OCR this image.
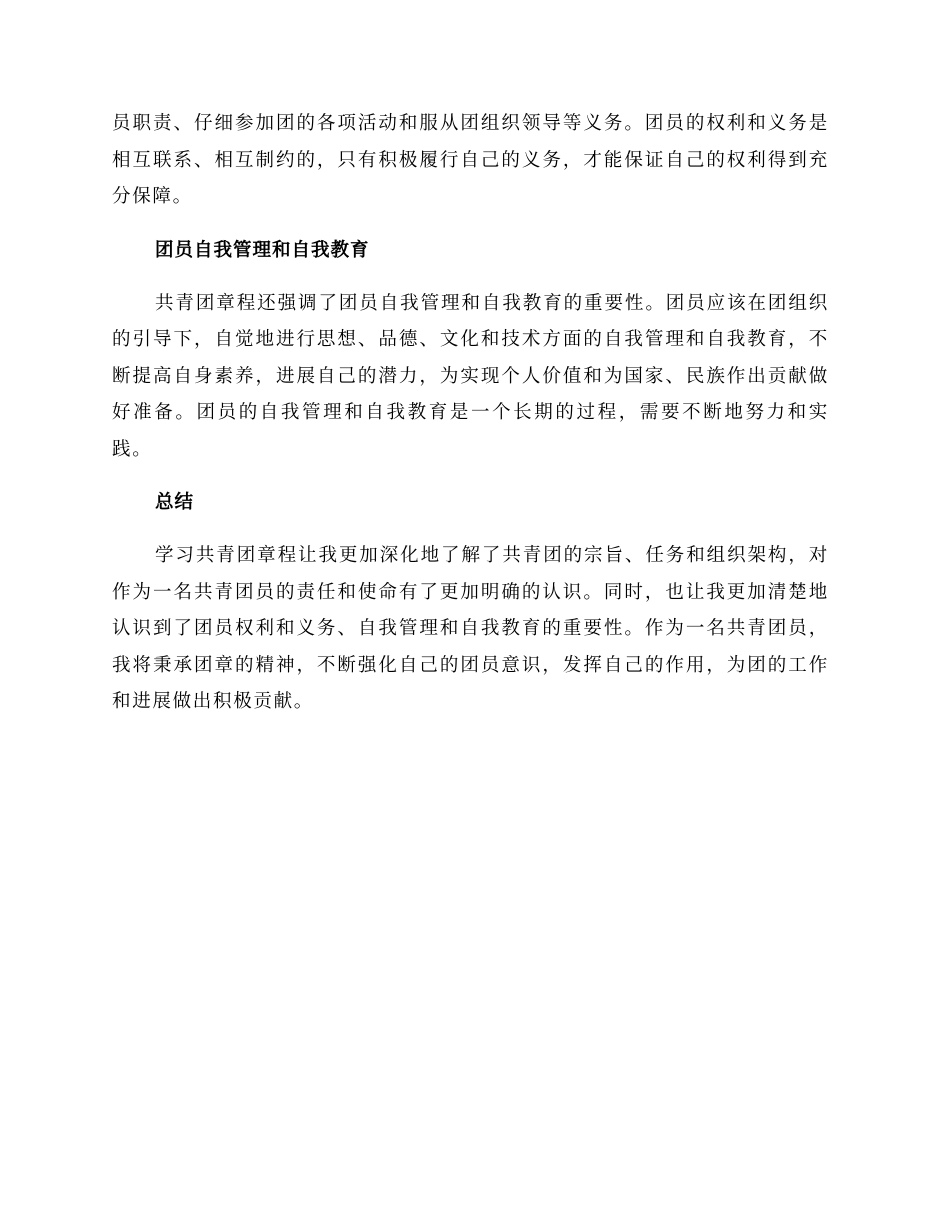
员职责、仔细参加团的各项活动和服从团组织领导等义务。团员的权利和义务是相互联系、相互制约的，只有积极履行自己的义务，才能保证自己的权利得到充分保障。

团员自我管理和自我教育

共青团章程还强调了团员自我管理和自我教育的重要性。团员应该在团组织的引导下，自觉地进行思想、品德、文化和技术方面的自我管理和自我教育，不断提高自身素养，进展自己的潜力，为实现个人价值和为国家、民族作出贡献做好准备。团员的自我管理和自我教育是一个长期的过程，需要不断地努力和实践。

总结

学习共青团章程让我更加深化地了解了共青团的宗旨、任务和组织架构，对作为一名共青团员的责任和使命有了更加明确的认识。同时，也让我更加清楚地认识到了团员权利和义务、自我管理和自我教育的重要性。作为一名共青团员，我将秉承团章的精神，不断强化自己的团员意识，发挥自己的作用，为团的工作和进展做出积极贡献。
